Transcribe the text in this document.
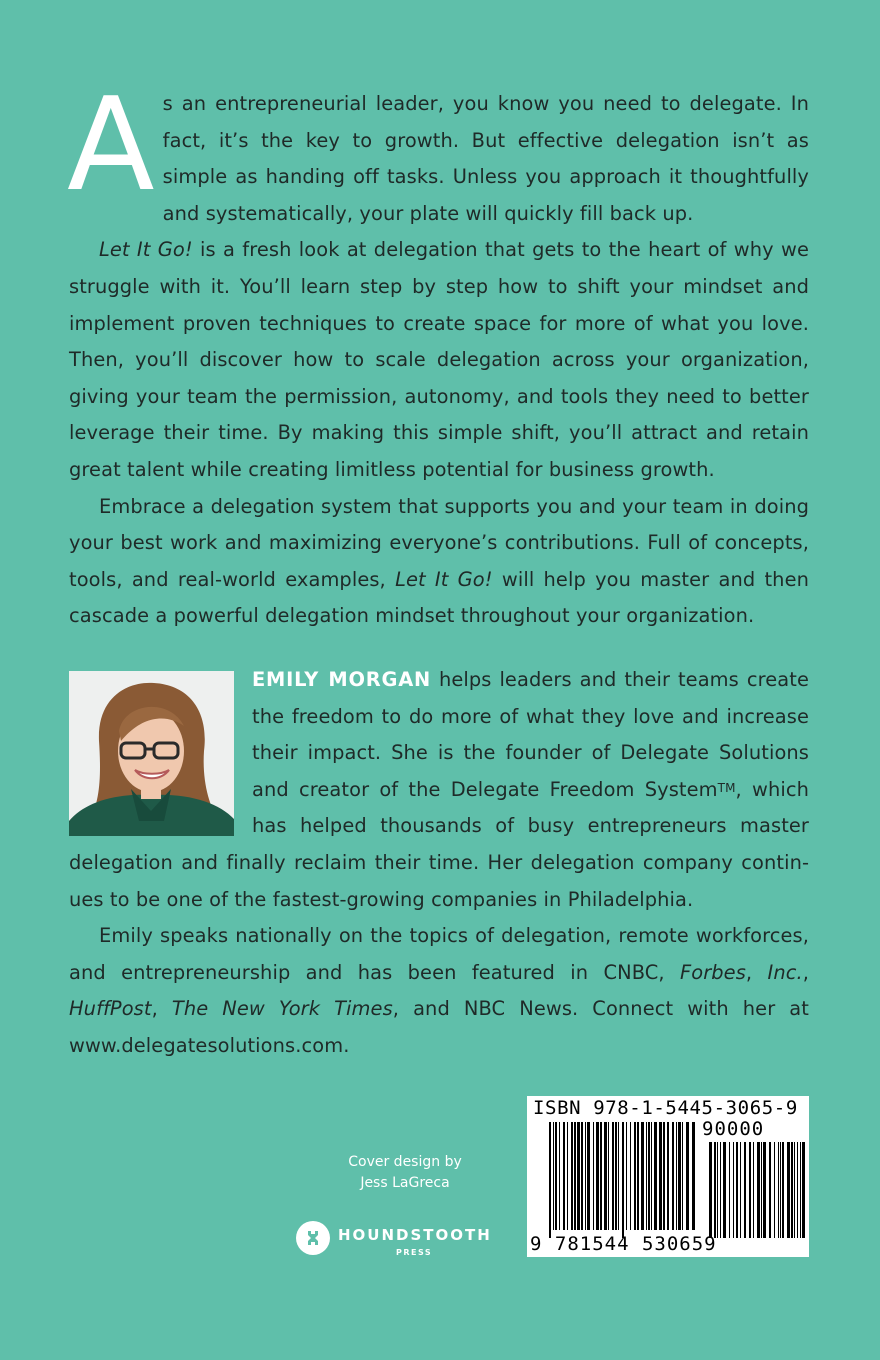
As an entrepreneurial leader, you know you need to delegate. In fact, it’s the key to growth. But effective delegation isn’t as simple as handing off tasks. Unless you approach it thoughtfully and systematically, your plate will quickly fill back up.

Let It Go! is a fresh look at delegation that gets to the heart of why we struggle with it. You’ll learn step by step how to shift your mindset and implement proven techniques to create space for more of what you love. Then, you’ll discover how to scale delegation across your organization, giving your team the permission, autonomy, and tools they need to better leverage their time. By making this simple shift, you’ll attract and retain great talent while creating limitless potential for business growth.

Embrace a delegation system that supports you and your team in doing your best work and maximizing everyone’s contributions. Full of concepts, tools, and real-world examples, Let It Go! will help you master and then cascade a powerful delegation mindset throughout your organization.

EMILY MORGAN helps leaders and their teams create the freedom to do more of what they love and increase their impact. She is the founder of Delegate Solutions and creator of the Delegate Freedom System™, which has helped thousands of busy entrepreneurs master delegation and finally reclaim their time. Her delegation company continues to be one of the fastest-growing companies in Philadelphia.

Emily speaks nationally on the topics of delegation, remote workforces, and entrepreneurship and has been featured in CNBC, Forbes, Inc., HuffPost, The New York Times, and NBC News. Connect with her at www.delegatesolutions.com.

Cover design by
Jess LaGreca
HOUNDSTOOTH
PRESS
ISBN 978-1-5445-3065-9
90000
9 781544 530659
